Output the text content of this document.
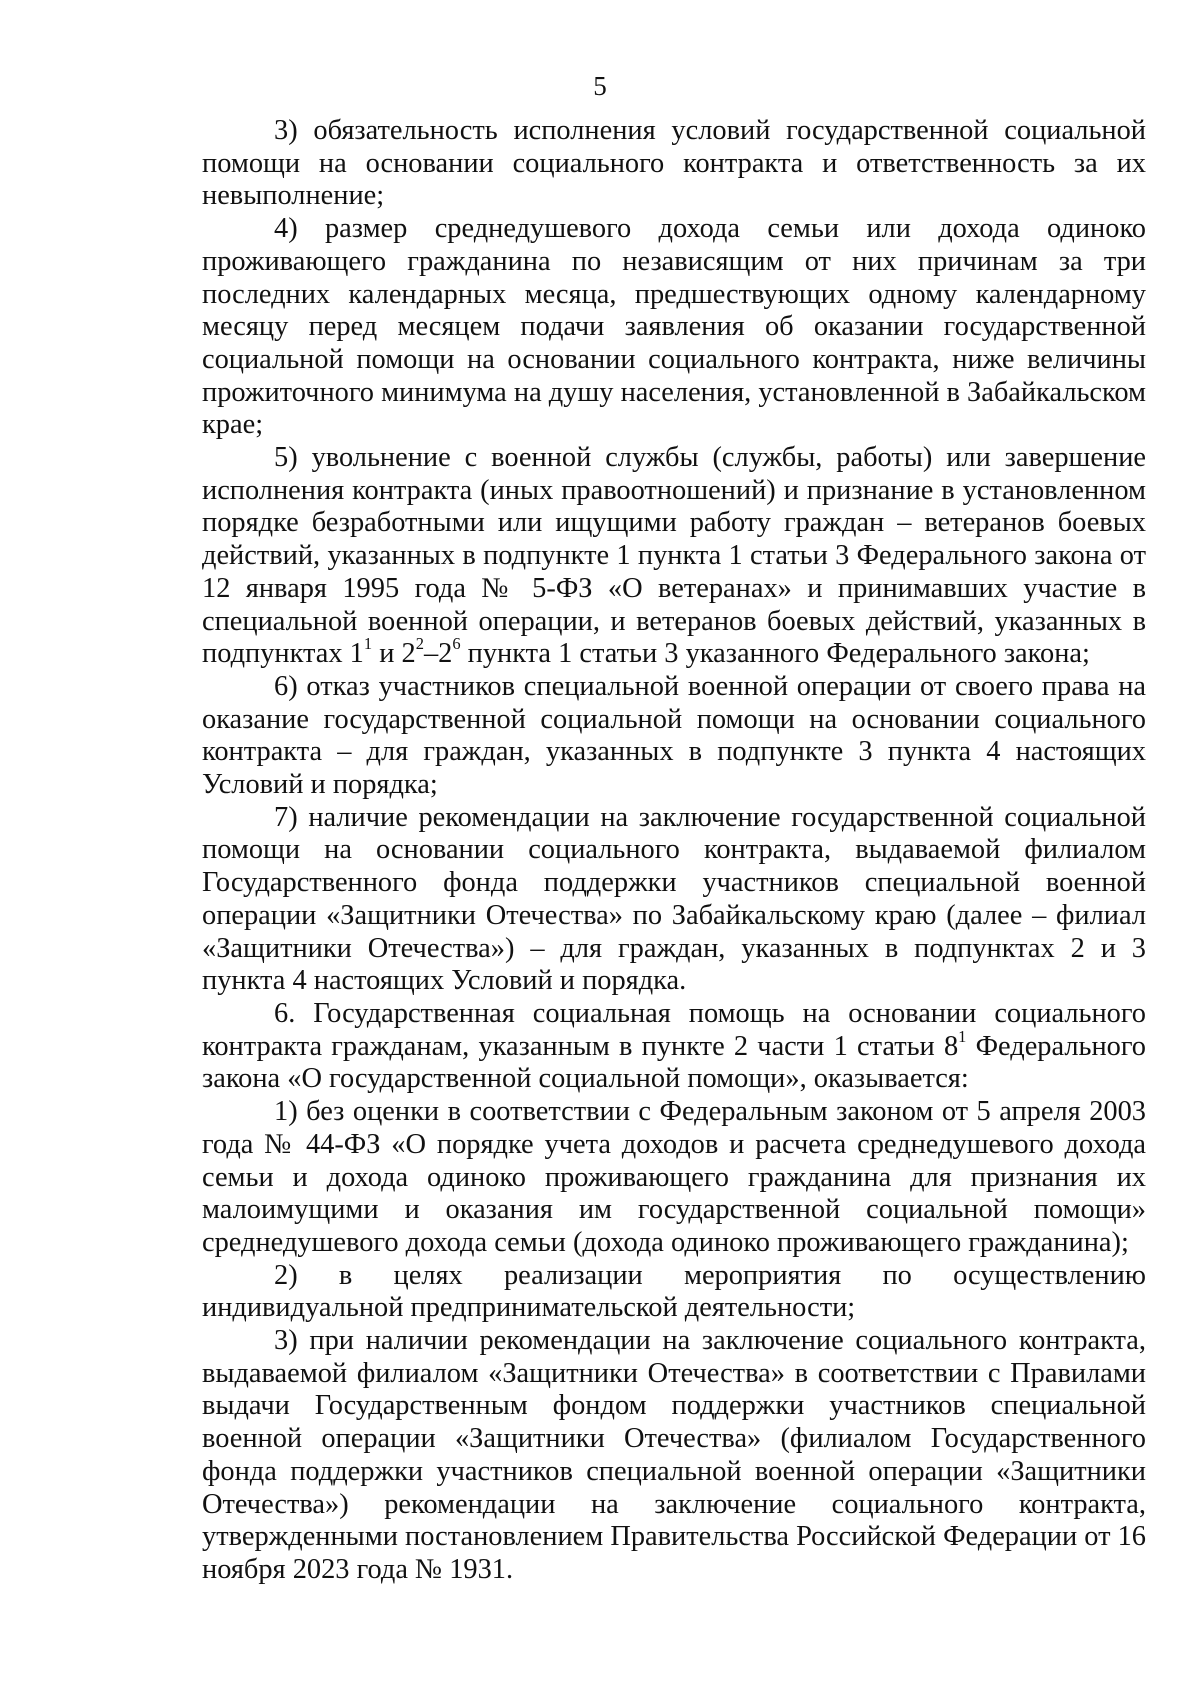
5

3) обязательность исполнения условий государственной социальной помощи на основании социального контракта и ответственность за их невыполнение;

4) размер среднедушевого дохода семьи или дохода одиноко проживающего гражданина по независящим от них причинам за три последних календарных месяца, предшествующих одному календарному месяцу перед месяцем подачи заявления об оказании государственной социальной помощи на основании социального контракта, ниже величины прожиточного минимума на душу населения, установленной в Забайкальском крае;

5) увольнение с военной службы (службы, работы) или завершение исполнения контракта (иных правоотношений) и признание в установленном порядке безработными или ищущими работу граждан – ветеранов боевых действий, указанных в подпункте 1 пункта 1 статьи 3 Федерального закона от 12 января 1995 года № 5-ФЗ «О ветеранах» и принимавших участие в специальной военной операции, и ветеранов боевых действий, указанных в подпунктах $1^1$ и $2^2-2^6$ пункта 1 статьи 3 указанного Федерального закона;

6) отказ участников специальной военной операции от своего права на оказание государственной социальной помощи на основании социального контракта – для граждан, указанных в подпункте 3 пункта 4 настоящих Условий и порядка;

7) наличие рекомендации на заключение государственной социальной помощи на основании социального контракта, выдаваемой филиалом Государственного фонда поддержки участников специальной военной операции «Защитники Отечества» по Забайкальскому краю (далее – филиал «Защитники Отечества») – для граждан, указанных в подпунктах 2 и 3 пункта 4 настоящих Условий и порядка.

6. Государственная социальная помощь на основании социального контракта гражданам, указанным в пункте 2 части 1 статьи $8^1$ Федерального закона «О государственной социальной помощи», оказывается:

1) без оценки в соответствии с Федеральным законом от 5 апреля 2003 года № 44-ФЗ «О порядке учета доходов и расчета среднедушевого дохода семьи и дохода одиноко проживающего гражданина для признания их малоимущими и оказания им государственной социальной помощи» среднедушевого дохода семьи (дохода одиноко проживающего гражданина);

2) в целях реализации мероприятия по осуществлению индивидуальной предпринимательской деятельности;

3) при наличии рекомендации на заключение социального контракта, выдаваемой филиалом «Защитники Отечества» в соответствии с Правилами выдачи Государственным фондом поддержки участников специальной военной операции «Защитники Отечества» (филиалом Государственного фонда поддержки участников специальной военной операции «Защитники Отечества») рекомендации на заключение социального контракта, утвержденными постановлением Правительства Российской Федерации от 16 ноября 2023 года № 1931.
